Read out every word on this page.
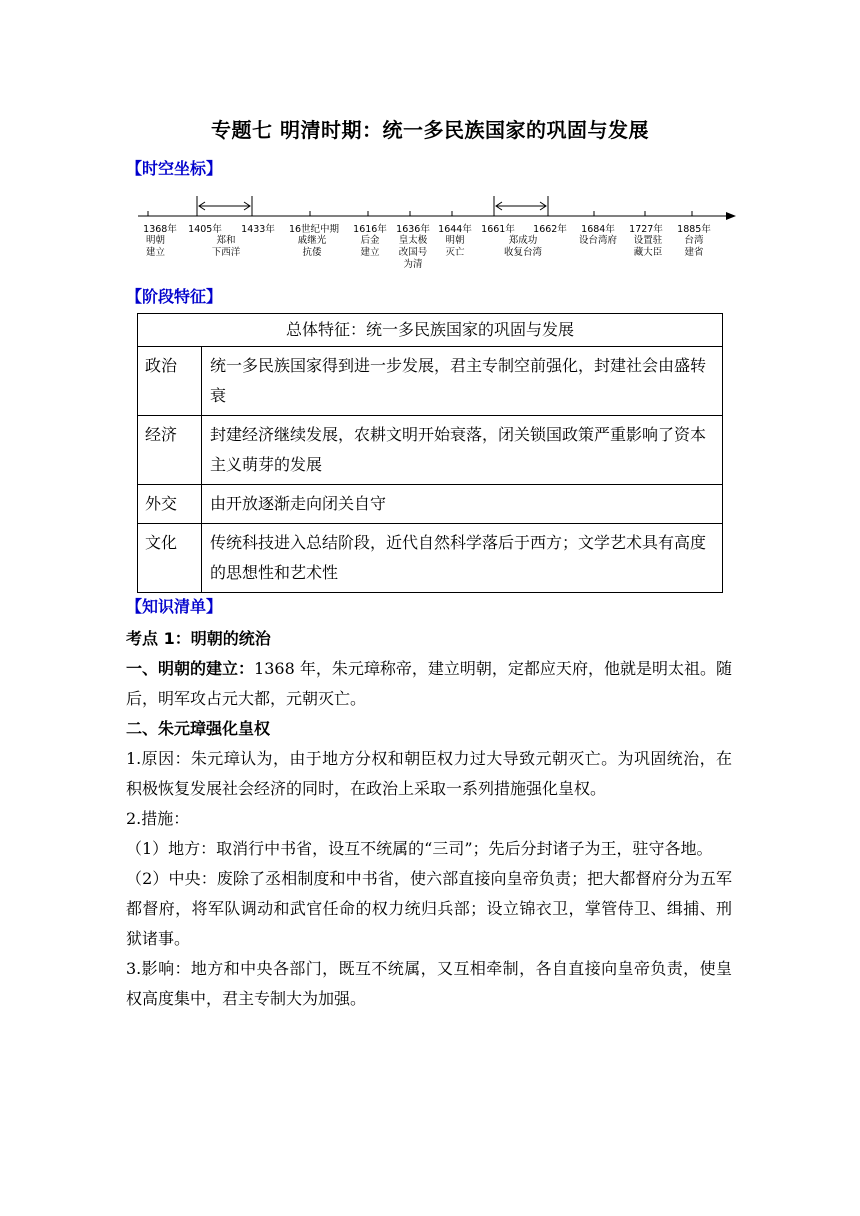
专题七 明清时期：统一多民族国家的巩固与发展
【时空坐标】
1368年 1405年 1433年 16世纪中期 1616年 1636年 1644年 1661年 1662年 1684年 1727年 1885年
明朝
建立
郑和
下西洋
戚继光
抗倭
后金
建立
皇太极
改国号
为清
明朝
灭亡
郑成功
收复台湾
设台湾府	设置驻
藏大臣
台湾
建省
【阶段特征】
总体特征：统一多民族国家的巩固与发展	
政治	统一多民族国家得到进一步发展，君主专制空前强化，封建社会由盛转衰
经济	封建经济继续发展，农耕文明开始衰落，闭关锁国政策严重影响了资本主义萌芽的发展
外交	由开放逐渐走向闭关自守
文化	传统科技进入总结阶段，近代自然科学落后于西方；文学艺术具有高度的思想性和艺术性
【知识清单】

考点 1：明朝的统治

一、明朝的建立：1368 年，朱元璋称帝，建立明朝，定都应天府，他就是明太祖。随后，明军攻占元大都，元朝灭亡。

二、朱元璋强化皇权

1.原因：朱元璋认为，由于地方分权和朝臣权力过大导致元朝灭亡。为巩固统治，在积极恢复发展社会经济的同时，在政治上采取一系列措施强化皇权。

2.措施：

（1）地方：取消行中书省，设互不统属的“三司”；先后分封诸子为王，驻守各地。

（2）中央：废除了丞相制度和中书省，使六部直接向皇帝负责；把大都督府分为五军都督府，将军队调动和武官任命的权力统归兵部；设立锦衣卫，掌管侍卫、缉捕、刑狱诸事。

3.影响：地方和中央各部门，既互不统属，又互相牵制，各自直接向皇帝负责，使皇权高度集中，君主专制大为加强。
